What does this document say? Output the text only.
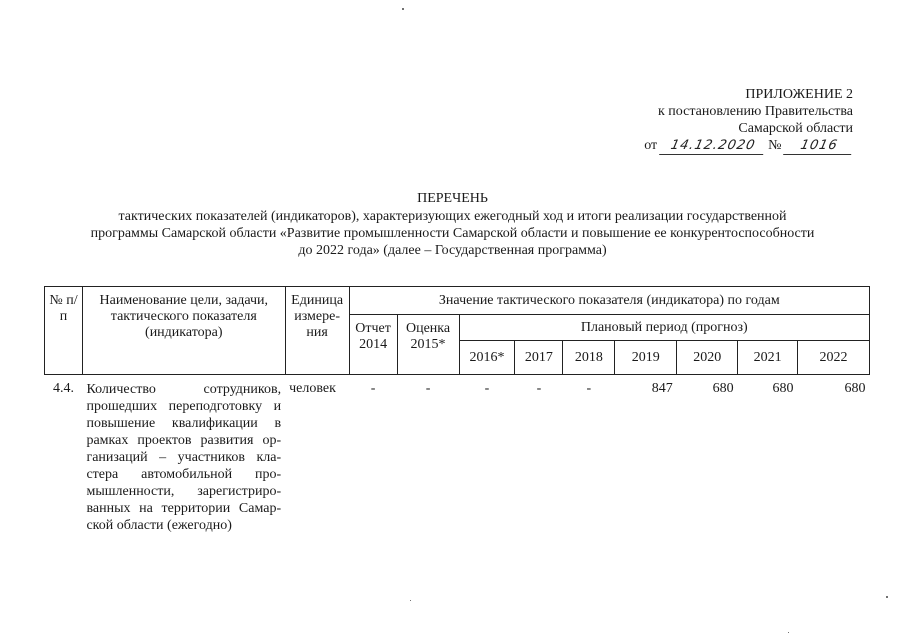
ПРИЛОЖЕНИЕ 2
к постановлению Правительства
Самарской области
от 14.12.2020 № 1016
ПЕРЕЧЕНЬ
тактических показателей (индикаторов), характеризующих ежегодный ход и итоги реализации государственной
программы Самарской области «Развитие промышленности Самарской области и повышение ее конкурентоспособности
до 2022 года» (далее – Государственная программа)
№ п/п	Наименование цели, задачи, тактического показателя (индикатора)	Единица измере-ния	Значение тактического показателя (индикатора) по годам								
			Отчет 2014	Оценка 2015*	Плановый период (прогноз)						
					2016*	2017	2018	2019	2020	2021	2022
4.4.	Количество сотрудников, прошедших переподготовку и повышение квалификации в рамках проектов развития ор-ганизаций – участников кла-стера автомобильной про-мышленности, зарегистриро-ванных на территории Самар-ской области (ежегодно)	человек	-	-	-	-	-	847	680	680	680
